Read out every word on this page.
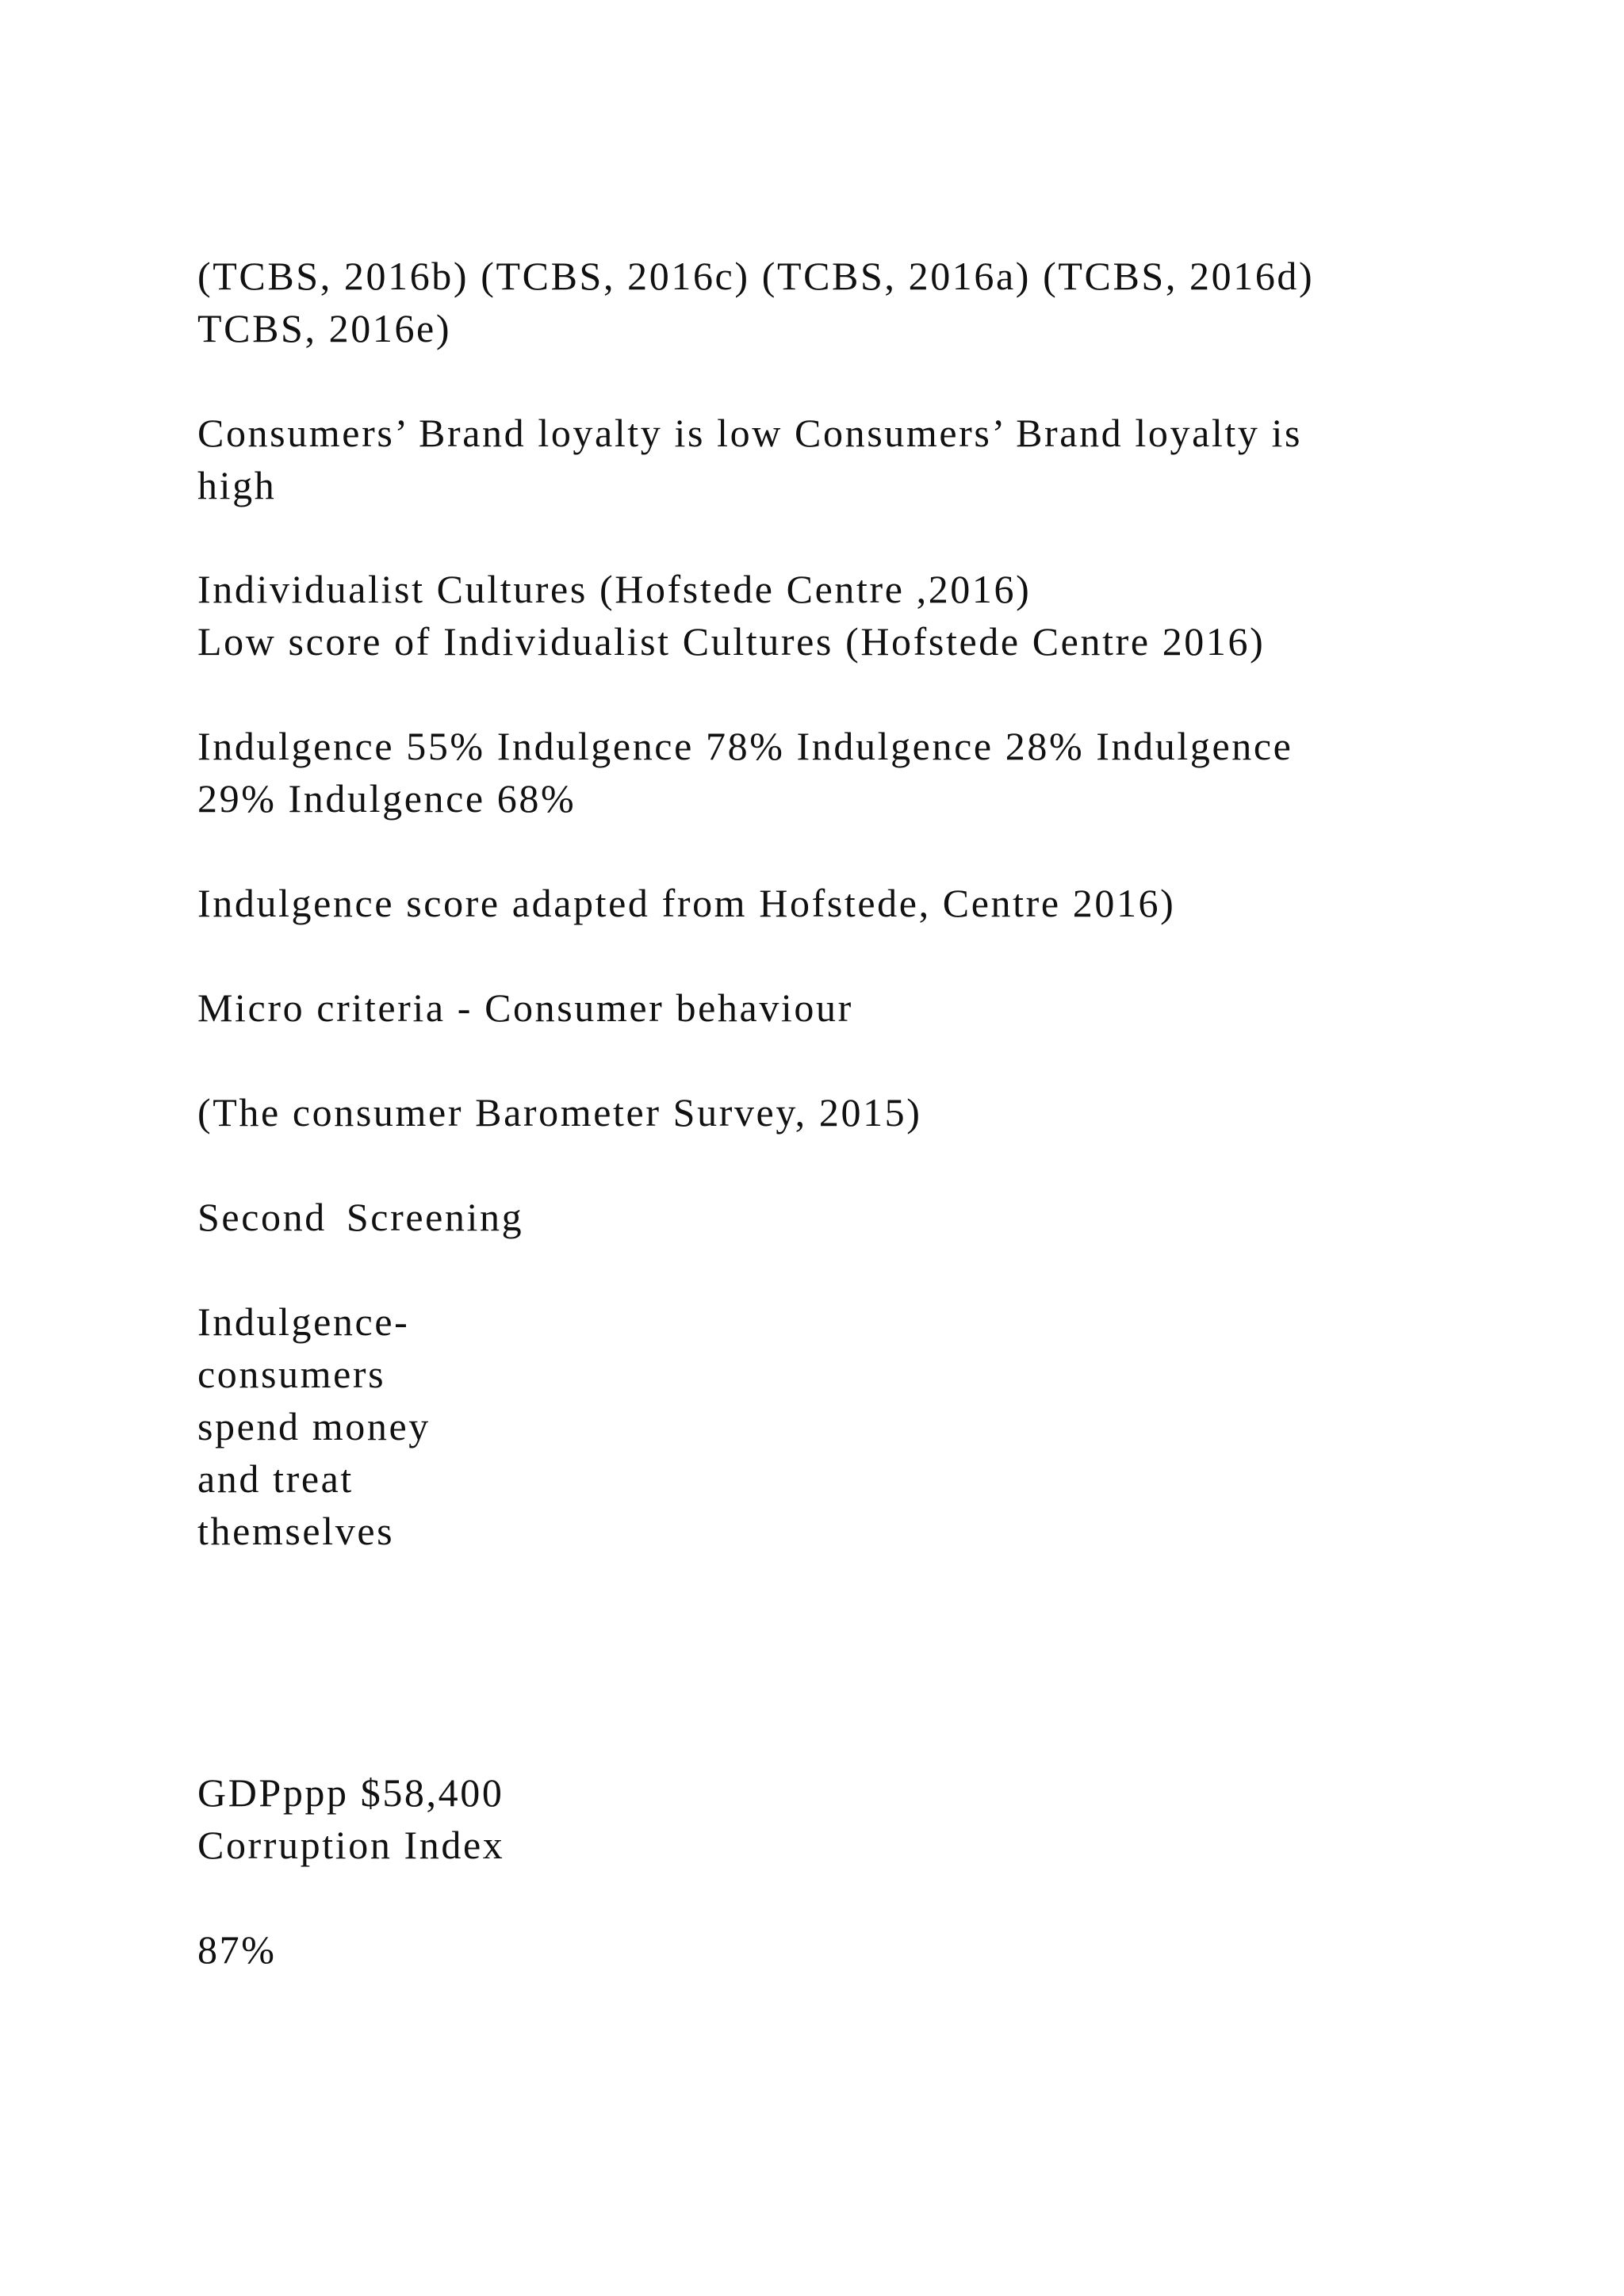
(TCBS, 2016b) (TCBS, 2016c) (TCBS, 2016a) (TCBS, 2016d)
TCBS, 2016e)

Consumers’ Brand loyalty is low Consumers’ Brand loyalty is
high

Individualist Cultures (Hofstede Centre ,2016)
Low score of Individualist Cultures (Hofstede Centre 2016)

Indulgence 55% Indulgence 78% Indulgence 28% Indulgence
29% Indulgence 68%

Indulgence score adapted from Hofstede, Centre 2016)

Micro criteria - Consumer behaviour

(The consumer Barometer Survey, 2015)

Second Screening

Indulgence-
consumers
spend money
and treat
themselves

GDPppp $58,400
Corruption Index

87%
